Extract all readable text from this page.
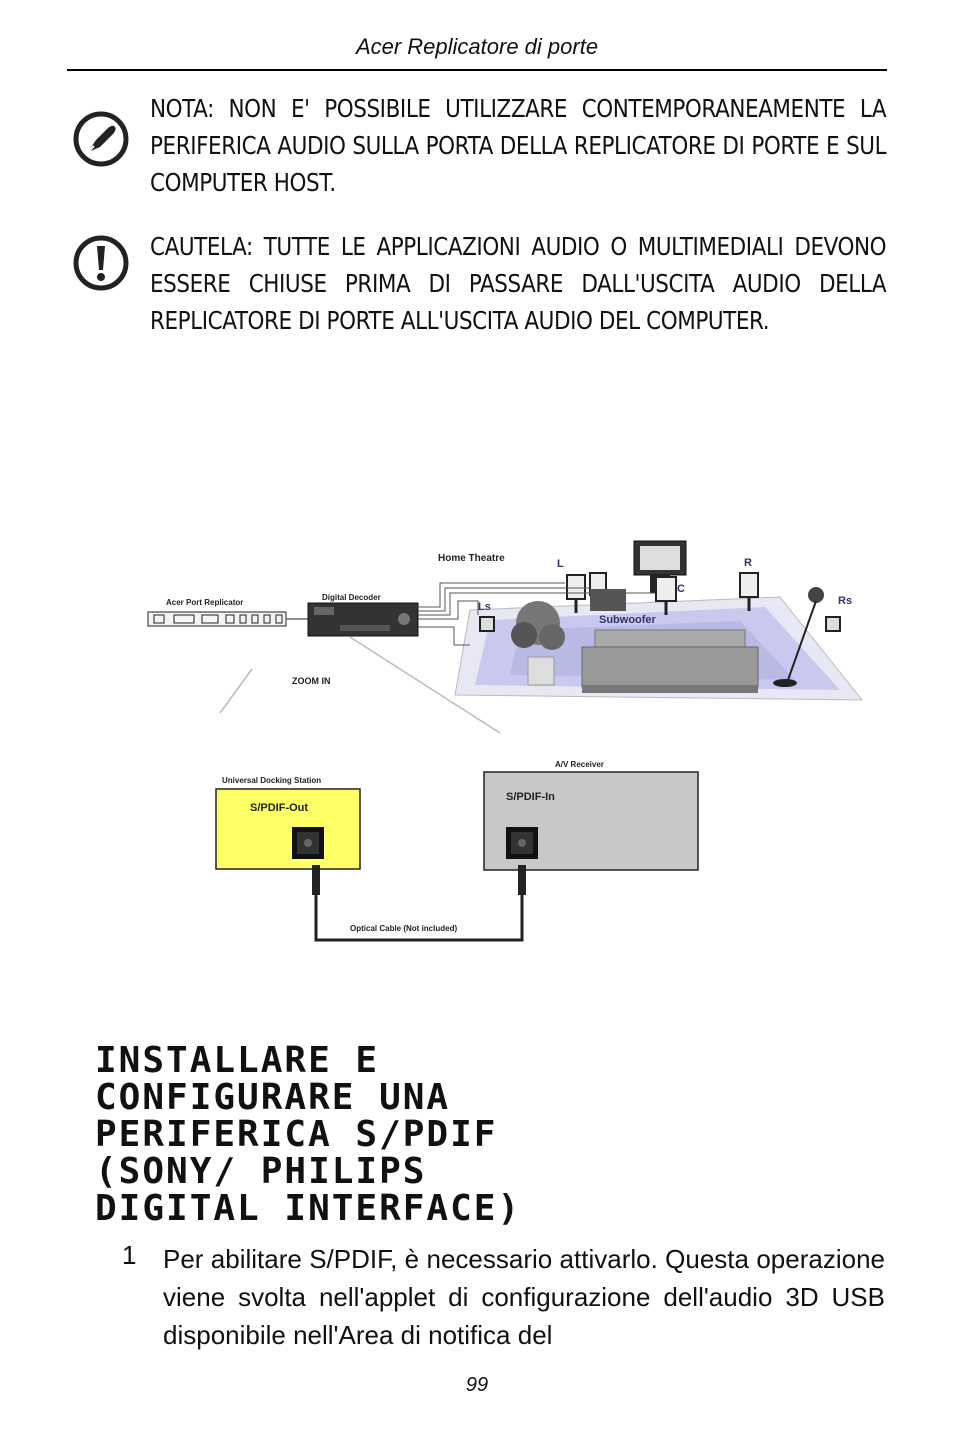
Acer Replicatore di porte
NOTA: NON E' POSSIBILE UTILIZZARE CONTEMPORANEAMENTE LA PERIFERICA AUDIO SULLA PORTA DELLA REPLICATORE DI PORTE E SUL COMPUTER HOST.
CAUTELA: TUTTE LE APPLICAZIONI AUDIO O MULTIMEDIALI DEVONO ESSERE CHIUSE PRIMA DI PASSARE DALL'USCITA AUDIO DELLA REPLICATORE DI PORTE ALL'USCITA AUDIO DEL COMPUTER.
Home Theatre	L	R
C
Ls	Rs
Subwoofer
Acer Port Replicator
Digital Decoder
ZOOM IN
Universal Docking Station
S/PDIF-Out
A/V Receiver
S/PDIF-In
Optical Cable (Not included)
INSTALLARE E
CONFIGURARE UNA
PERIFERICA S/PDIF
(SONY/ PHILIPS
DIGITAL INTERFACE)
1 Per abilitare S/PDIF, è necessario attivarlo. Questa operazione viene svolta nell'applet di configurazione dell'audio 3D USB disponibile nell'Area di notifica del
99
